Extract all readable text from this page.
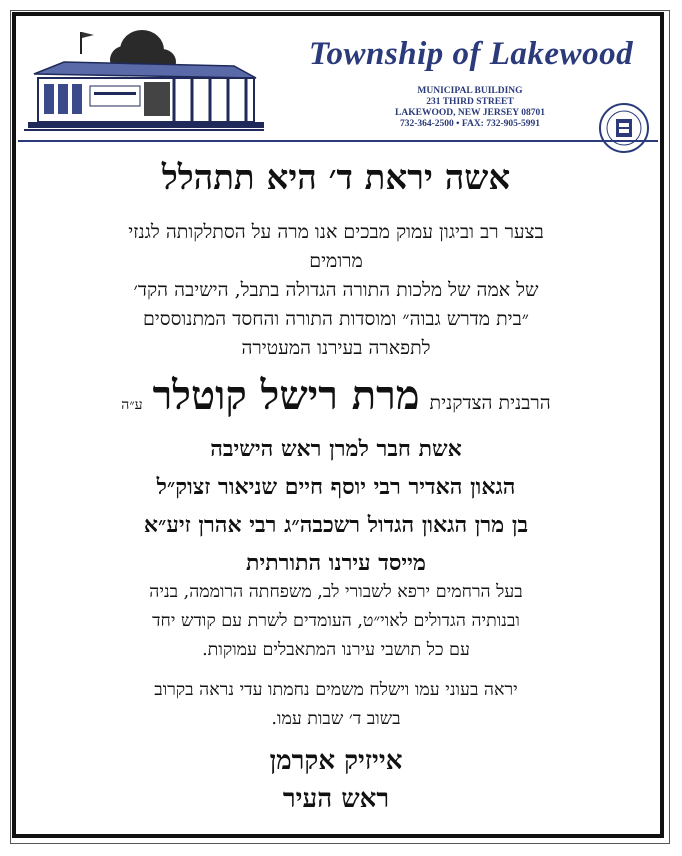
Township of Lakewood
MUNICIPAL BUILDING
231 THIRD STREET
LAKEWOOD, NEW JERSEY 08701
732-364-2500 • FAX: 732-905-5991
אשה יראת ד׳ היא תתהלל
בצער רב וביגון עמוק מבכים אנו מרה על הסתלקותה לגנזי
מרומים
של אמה של מלכות התורה הגדולה בתבל, הישיבה הקד׳
״בית מדרש גבוה״ ומוסדות התורה והחסד המתנוססים
לתפארה בעירנו המעטירה
הרבנית הצדקניתמרת רישל קוטלרע״ה
אשת חבר למרן ראש הישיבה
הגאון האדיר רבי יוסף חיים שניאור זצוק״ל
בן מרן הגאון הגדול רשכבה״ג רבי אהרן זיע״א
מייסד עירנו התורתית
בעל הרחמים ירפא לשבורי לב, משפחתה הרוממה, בניה
ובנותיה הגדולים לאוי״ט, העומדים לשרת עם קודש יחד
עם כל תושבי עירנו המתאבלים עמוקות.
יראה בעוני עמו וישלח משמים נחמתו עדי נראה בקרוב
בשוב ד׳ שבות עמו.
אייזיק אקרמן
ראש העיר
